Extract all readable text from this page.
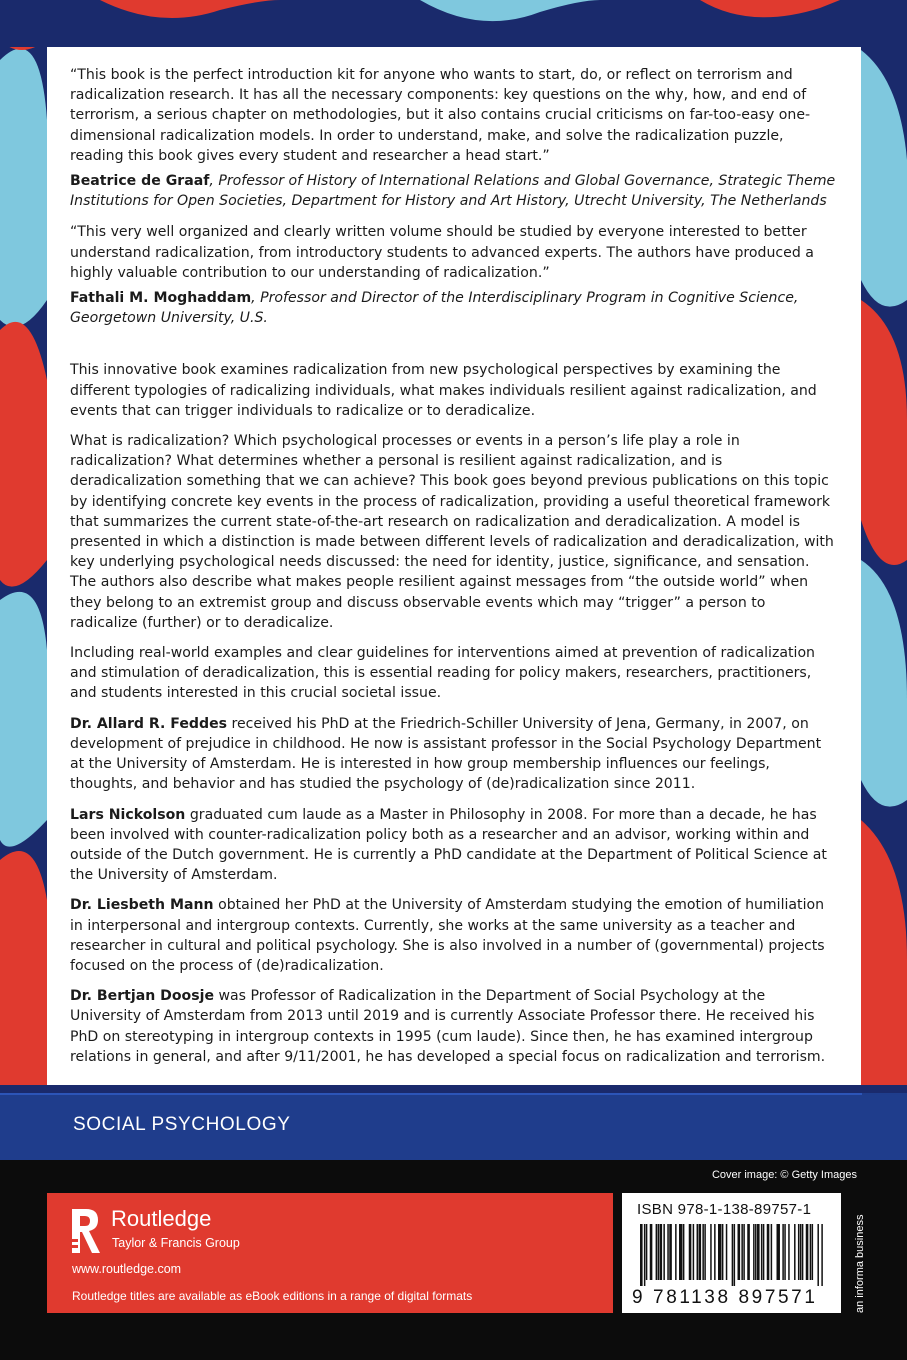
“This book is the perfect introduction kit for anyone who wants to start, do, or reflect on terrorism and radicalization research. It has all the necessary components: key questions on the why, how, and end of terrorism, a serious chapter on methodologies, but it also contains crucial criticisms on far-too-easy one-dimensional radicalization models. In order to understand, make, and solve the radicalization puzzle, reading this book gives every student and researcher a head start.”

Beatrice de Graaf, Professor of History of International Relations and Global Governance, Strategic Theme Institutions for Open Societies, Department for History and Art History, Utrecht University, The Netherlands

“This very well organized and clearly written volume should be studied by everyone interested to better understand radicalization, from introductory students to advanced experts. The authors have produced a highly valuable contribution to our understanding of radicalization.”

Fathali M. Moghaddam, Professor and Director of the Interdisciplinary Program in Cognitive Science, Georgetown University, U.S.

This innovative book examines radicalization from new psychological perspectives by examining the different typologies of radicalizing individuals, what makes individuals resilient against radicalization, and events that can trigger individuals to radicalize or to deradicalize.

What is radicalization? Which psychological processes or events in a person’s life play a role in radicalization? What determines whether a personal is resilient against radicalization, and is deradicalization something that we can achieve? This book goes beyond previous publications on this topic by identifying concrete key events in the process of radicalization, providing a useful theoretical framework that summarizes the current state-of-the-art research on radicalization and deradicalization. A model is presented in which a distinction is made between different levels of radicalization and deradicalization, with key underlying psychological needs discussed: the need for identity, justice, significance, and sensation. The authors also describe what makes people resilient against messages from “the outside world” when they belong to an extremist group and discuss observable events which may “trigger” a person to radicalize (further) or to deradicalize.

Including real-world examples and clear guidelines for interventions aimed at prevention of radicalization and stimulation of deradicalization, this is essential reading for policy makers, researchers, practitioners, and students interested in this crucial societal issue.

Dr. Allard R. Feddes received his PhD at the Friedrich-Schiller University of Jena, Germany, in 2007, on development of prejudice in childhood. He now is assistant professor in the Social Psychology Department at the University of Amsterdam. He is interested in how group membership influences our feelings, thoughts, and behavior and has studied the psychology of (de)radicalization since 2011.

Lars Nickolson graduated cum laude as a Master in Philosophy in 2008. For more than a decade, he has been involved with counter-radicalization policy both as a researcher and an advisor, working within and outside of the Dutch government. He is currently a PhD candidate at the Department of Political Science at the University of Amsterdam.

Dr. Liesbeth Mann obtained her PhD at the University of Amsterdam studying the emotion of humiliation in interpersonal and intergroup contexts. Currently, she works at the same university as a teacher and researcher in cultural and political psychology. She is also involved in a number of (governmental) projects focused on the process of (de)radicalization.

Dr. Bertjan Doosje was Professor of Radicalization in the Department of Social Psychology at the University of Amsterdam from 2013 until 2019 and is currently Associate Professor there. He received his PhD on stereotyping in intergroup contexts in 1995 (cum laude). Since then, he has examined intergroup relations in general, and after 9/11/2001, he has developed a special focus on radicalization and terrorism.

SOCIAL PSYCHOLOGY
Cover image: © Getty Images
Routledge
Taylor & Francis Group
www.routledge.com
Routledge titles are available as eBook editions in a range of digital formats
ISBN 978-1-138-89757-1
9 781138 897571	an informa business
